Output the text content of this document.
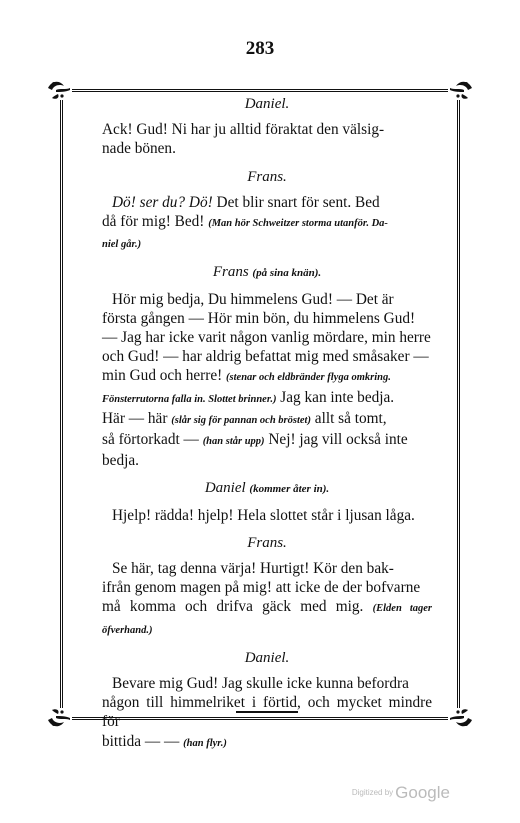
283

Daniel.

Ack! Gud! Ni har ju alltid föraktat den välsig-

nade bönen.

Frans.

Dö! ser du? Dö! Det blir snart för sent. Bed

då för mig! Bed! (Man hör Schweitzer storma utanför. Da-

niel går.)

Frans (på sina knän).

Hör mig bedja, Du himmelens Gud! — Det är

första gången — Hör min bön, du himmelens Gud!

— Jag har icke varit någon vanlig mördare, min herre

och Gud! — har aldrig befattat mig med småsaker —

min Gud och herre! (stenar och eldbränder flyga omkring.

Fönsterrutorna falla in. Slottet brinner.) Jag kan inte bedja.

Här — här (slår sig för pannan och bröstet) allt så tomt,

så förtorkadt — (han står upp) Nej! jag vill också inte

bedja.

Daniel (kommer åter in).

Hjelp! rädda! hjelp! Hela slottet står i ljusan låga.

Frans.

Se här, tag denna värja! Hurtigt! Kör den bak-

ifrån genom magen på mig! att icke de der bofvarne

må komma och drifva gäck med mig. (Elden tager öfverhand.)

Daniel.

Bevare mig Gud! Jag skulle icke kunna befordra

någon till himmelriket i förtid, och mycket mindre för

bittida — — (han flyr.)

Digitized by Google
